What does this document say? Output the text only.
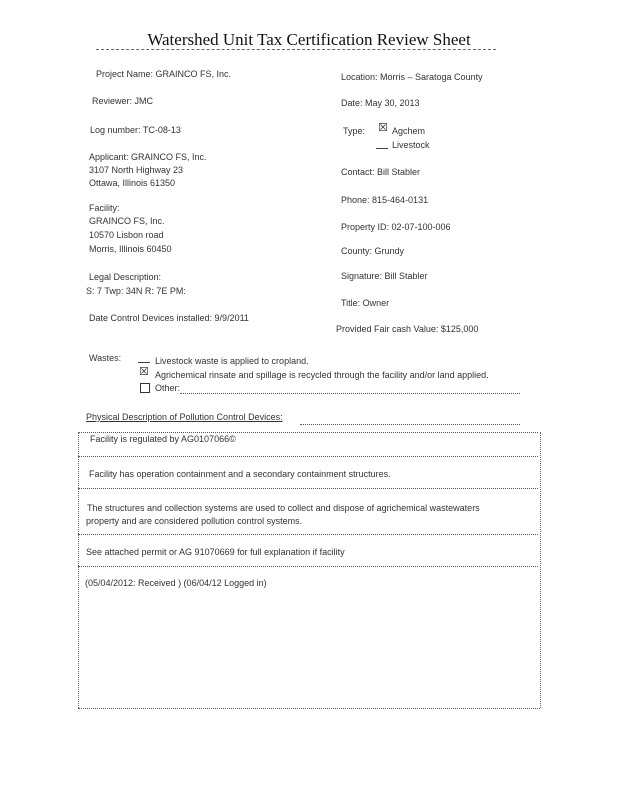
Watershed Unit Tax Certification Review Sheet
Project Name: GRAINCO FS, Inc.
Reviewer: JMC
Log number: TC-08-13
Applicant: GRAINCO FS, Inc.
3107 North Highway 23
Ottawa, Illinois 61350
Facility:
GRAINCO FS, Inc.
10570 Lisbon road
Morris, Illinois 60450
Legal Description:
S: 7 Twp: 34N R: 7E PM:
Date Control Devices installed: 9/9/2011
Location: Morris – Saratoga County
Date: May 30, 2013
Type: ☒ Agchem
Livestock
Contact: Bill Stabler
Phone: 815-464-0131
Property ID: 02-07-100-006
County: Grundy
Signature: Bill Stabler
Title: Owner
Provided Fair cash Value: $125,000
Wastes:	Livestock waste is applied to cropland.
☒ Agrichemical rinsate and spillage is recycled through the facility and/or land applied.
Other:
Physical Description of Pollution Control Devices:
Facility is regulated by AG0107066©
Facility has operation containment and a secondary containment structures.
The structures and collection systems are used to collect and dispose of agrichemical wastewaters
property and are considered pollution control systems.
See attached permit or AG 91070669 for full explanation if facility
(05/04/2012: Received ) (06/04/12 Logged in)
